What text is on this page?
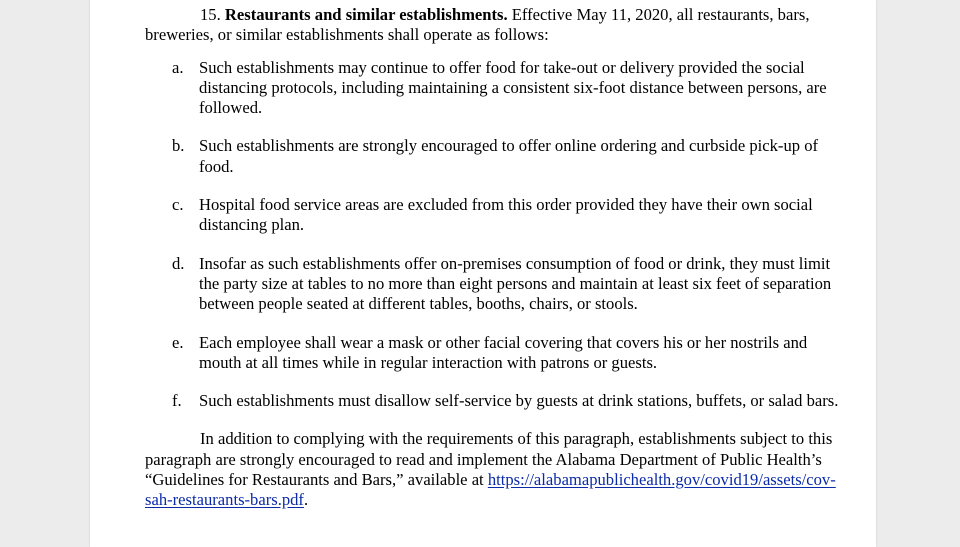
15. Restaurants and similar establishments. Effective May 11, 2020, all restaurants, bars, breweries, or similar establishments shall operate as follows:

a. Such establishments may continue to offer food for take-out or delivery provided the social distancing protocols, including maintaining a consistent six-foot distance between persons, are followed.
b. Such establishments are strongly encouraged to offer online ordering and curbside pick-up of food.
c. Hospital food service areas are excluded from this order provided they have their own social distancing plan.
d. Insofar as such establishments offer on-premises consumption of food or drink, they must limit the party size at tables to no more than eight persons and maintain at least six feet of separation between people seated at different tables, booths, chairs, or stools.
e. Each employee shall wear a mask or other facial covering that covers his or her nostrils and mouth at all times while in regular interaction with patrons or guests.
f. Such establishments must disallow self-service by guests at drink stations, buffets, or salad bars.

In addition to complying with the requirements of this paragraph, establishments subject to this paragraph are strongly encouraged to read and implement the Alabama Department of Public Health’s “Guidelines for Restaurants and Bars,” available at https://alabamapublichealth.gov/covid19/assets/cov-sah-restaurants-bars.pdf.
